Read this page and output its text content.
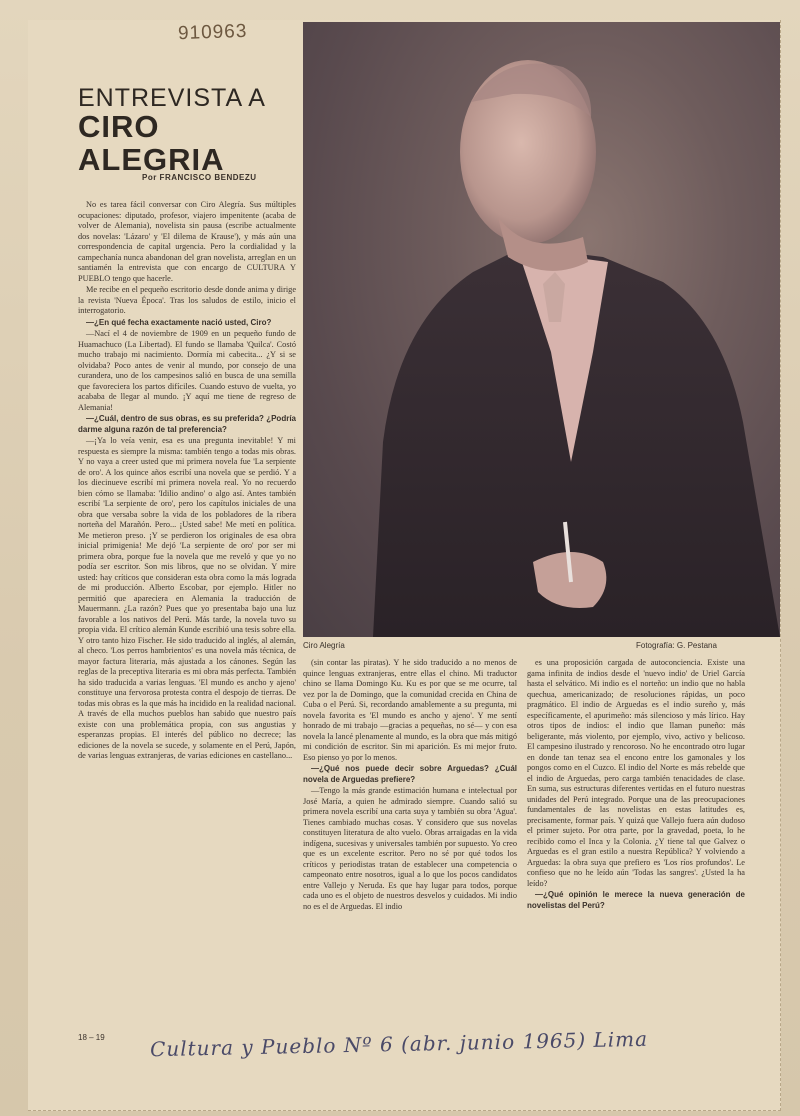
910963
ENTREVISTA A
CIRO
ALEGRIA
Por FRANCISCO BENDEZU
Ciro Alegría	Fotografía: G. Pestana

No es tarea fácil conversar con Ciro Alegría. Sus múltiples ocupaciones: diputado, profesor, viajero impenitente (acaba de volver de Alemania), novelista sin pausa (escribe actualmente dos novelas: 'Lázaro' y 'El dilema de Krause'), y más aún una correspondencia de capital urgencia. Pero la cordialidad y la campechanía nunca abandonan del gran novelista, arreglan en un santiamén la entrevista que con encargo de CULTURA Y PUEBLO tengo que hacerle.

Me recibe en el pequeño escritorio desde donde anima y dirige la revista 'Nueva Época'. Tras los saludos de estilo, inicio el interrogatorio.

—¿En qué fecha exactamente nació usted, Ciro?

—Nací el 4 de noviembre de 1909 en un pequeño fundo de Huamachuco (La Libertad). El fundo se llamaba 'Quilca'. Costó mucho trabajo mi nacimiento. Dormía mi cabecita... ¿Y si se olvidaba? Poco antes de venir al mundo, por consejo de una curandera, uno de los campesinos salió en busca de una semilla que favoreciera los partos difíciles. Cuando estuvo de vuelta, yo acababa de llegar al mundo. ¡Y aquí me tiene de regreso de Alemania!

—¿Cuál, dentro de sus obras, es su preferida? ¿Podría darme alguna razón de tal preferencia?

—¡Ya lo veía venir, esa es una pregunta inevitable! Y mi respuesta es siempre la misma: también tengo a todas mis obras. Y no vaya a creer usted que mi primera novela fue 'La serpiente de oro'. A los quince años escribí una novela que se perdió. Y a los diecinueve escribí mi primera novela real. Yo no recuerdo bien cómo se llamaba: 'Idilio andino' o algo así. Antes también escribí 'La serpiente de oro', pero los capítulos iniciales de una obra que versaba sobre la vida de los pobladores de la ribera norteña del Marañón. Pero... ¡Usted sabe! Me metí en política. Me metieron preso. ¡Y se perdieron los originales de esa obra inicial primigenia! Me dejó 'La serpiente de oro' por ser mi primera obra, porque fue la novela que me reveló y que yo no podía ser escritor. Son mis libros, que no se olvidan. Y mire usted: hay críticos que consideran esta obra como la más lograda de mi producción. Alberto Escobar, por ejemplo. Hitler no permitió que apareciera en Alemania la traducción de Mauermann. ¿La razón? Pues que yo presentaba bajo una luz favorable a los nativos del Perú. Más tarde, la novela tuvo su propia vida. El crítico alemán Kunde escribió una tesis sobre ella. Y otro tanto hizo Fischer. He sido traducido al inglés, al alemán, al checo. 'Los perros hambrientos' es una novela más técnica, de mayor factura literaria, más ajustada a los cánones. Según las reglas de la preceptiva literaria es mi obra más perfecta. También ha sido traducida a varias lenguas. 'El mundo es ancho y ajeno' constituye una fervorosa protesta contra el despojo de tierras. De todas mis obras es la que más ha incidido en la realidad nacional. A través de ella muchos pueblos han sabido que nuestro país existe con una problemática propia, con sus angustias y esperanzas propias. El interés del público no decrece; las ediciones de la novela se sucede, y solamente en el Perú, Japón, de varias lenguas extranjeras, de varias ediciones en castellano...

(sin contar las piratas). Y he sido traducido a no menos de quince lenguas extranjeras, entre ellas el chino. Mi traductor chino se llama Domingo Ku. Ku es por que se me ocurre, tal vez por la de Domingo, que la comunidad crecida en China de Cuba o el Perú. Si, recordando amablemente a su pregunta, mi novela favorita es 'El mundo es ancho y ajeno'. Y me sentí honrado de mi trabajo —gracias a pequeñas, no sé— y con esa novela la lancé plenamente al mundo, es la obra que más mitigó mi condición de escritor. Sin mi aparición. Es mi mejor fruto. Eso pienso yo por lo menos.

—¿Qué nos puede decir sobre Arguedas? ¿Cuál novela de Arguedas prefiere?

—Tengo la más grande estimación humana e intelectual por José María, a quien he admirado siempre. Cuando salió su primera novela escribí una carta suya y también su obra 'Agua'. Tienes cambiado muchas cosas. Y considero que sus novelas constituyen literatura de alto vuelo. Obras arraigadas en la vida indígena, sucesivas y universales también por supuesto. Yo creo que es un excelente escritor. Pero no sé por qué todos los críticos y periodistas tratan de establecer una competencia o campeonato entre nosotros, igual a lo que los pocos candidatos entre Vallejo y Neruda. Es que hay lugar para todos, porque cada uno es el objeto de nuestros desvelos y cuidados. Mi indio no es el de Arguedas. El indio

es una proposición cargada de autoconciencia. Existe una gama infinita de indios desde el 'nuevo indio' de Uriel García hasta el selvático. Mi indio es el norteño: un indio que no habla quechua, americanizado; de resoluciones rápidas, un poco pragmático. El indio de Arguedas es el indio sureño y, más específicamente, el apurimeño: más silencioso y más lírico. Hay otros tipos de indios: el indio que llaman puneño: más beligerante, más violento, por ejemplo, vivo, activo y belicoso. El campesino ilustrado y rencoroso. No he encontrado otro lugar en donde tan tenaz sea el encono entre los gamonales y los pongos como en el Cuzco. El indio del Norte es más rebelde que el indio de Arguedas, pero carga también tenacidades de clase. En suma, sus estructuras diferentes vertidas en el futuro nuestras unidades del Perú integrado. Porque una de las preocupaciones fundamentales de las novelistas en estas latitudes es, precisamente, formar país. Y quizá que Vallejo fuera aún dudoso el primer sujeto. Por otra parte, por la gravedad, poeta, lo he recibido como el Inca y la Colonia. ¿Y tiene tal que Galvez o Arguedas es el gran estilo a nuestra República? Y volviendo a Arguedas: la obra suya que prefiero es 'Los ríos profundos'. Le confieso que no he leído aún 'Todas las sangres'. ¿Usted la ha leído?

—¿Qué opinión le merece la nueva generación de novelistas del Perú?

18 – 19 Cultura y Pueblo Nº 6 (abr. junio 1965) Lima
